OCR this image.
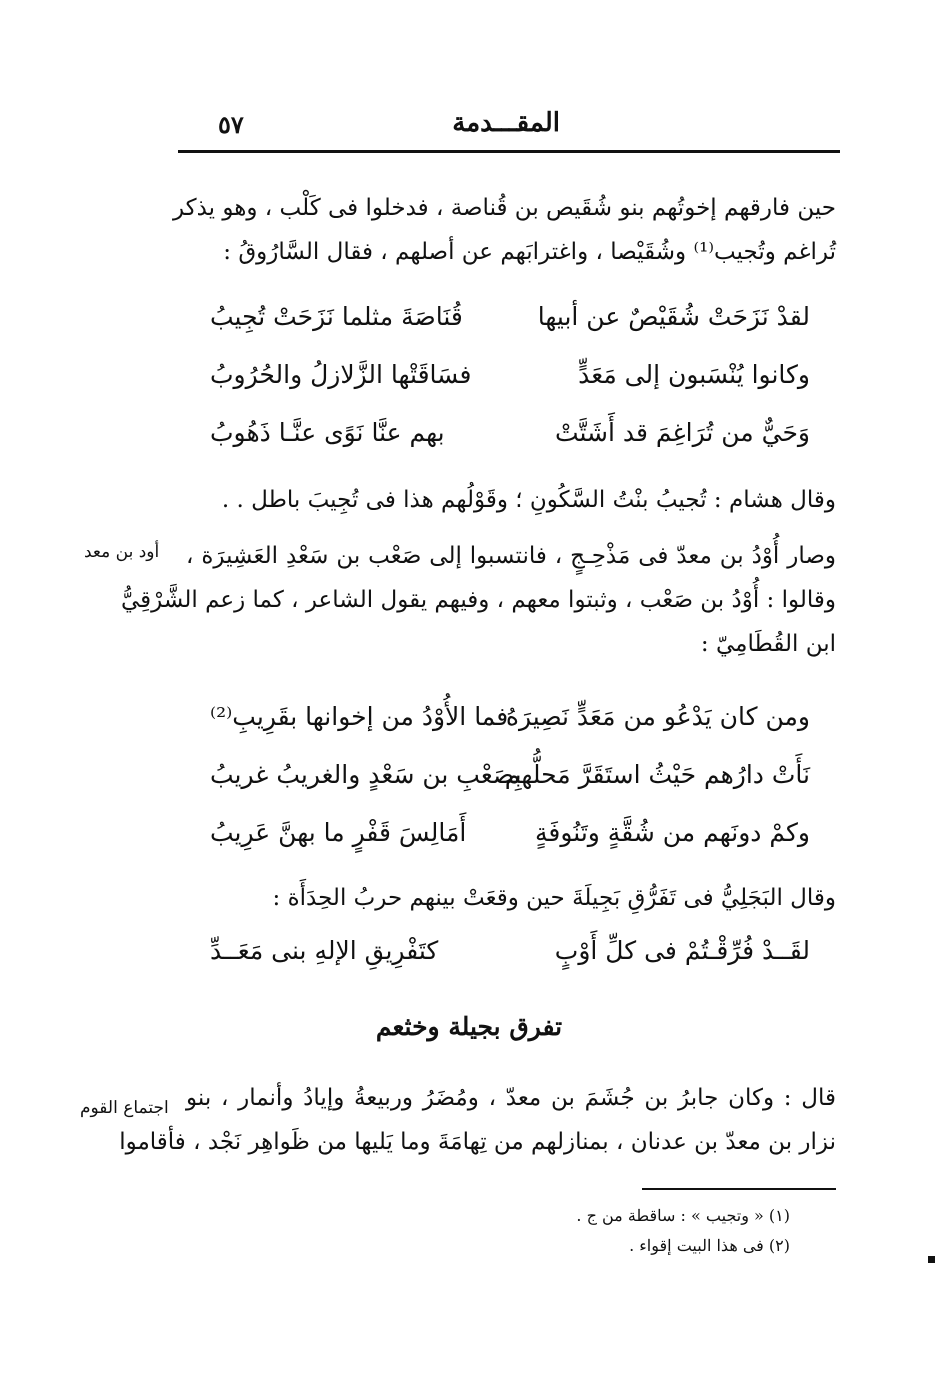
المقـــدمة
٥٧
حين فارقهم إخوتُهم بنو شُقَيص بن قُناصة ، فدخلوا فى كَلْب ، وهو يذكر
تُراغم وتُجيب⁽¹⁾ وشُقَيْصا ، واغترابَهم عن أصلهم ، فقال السَّارُوقُ :
لقدْ نَزَحَتْ شُقَيْصٌ عن أبيها
قُنَاصَةَ مثلما نَزَحَتْ تُجِيبُ
وكانوا يُنْسَبون إلى مَعَدٍّ
فسَاقَتْها الزَّلازلُ والحُرُوبُ
وَحَيٌّ من تُرَاغِمَ قد أَشَتَّتْ
بهم عنَّا نَوًى عنَّـا ذَهُوبُ
وقال هشام : تُجيبُ بنْتُ السَّكُونِ ؛ وقَوْلُهم هذا فى تُجِيبَ باطل . .
أود بن معد وصار أُوْدُ بن معدّ فى مَذْحِـجٍ ، فانتسبوا إلى صَعْب بن سَعْدِ العَشِيرَة ،
وقالوا : أُوْدُ بن صَعْب ، وثبتوا معهم ، وفيهم يقول الشاعر ، كما زعم الشَّرْقِيُّ
ابن القُطَامِيّ :
ومن كان يَدْعُو من مَعَدٍّ نَصِيرَهُ
فما الأُوْدُ من إخوانها بقَرِيبِ⁽²⁾
نَأَتْ دارُهم حَيْثُ استَقَرَّ مَحلُّهم
بِصَعْبِ بن سَعْدٍ والغريبُ غريبُ
وكمْ دونَهم من شُقَّةٍ وتَنُوفَةٍ
أَمَالِسَ قَفْرٍ ما بهنَّ عَرِيبُ
وقال البَجَلِيُّ فى تَفَرُّقِ بَجِيلَةَ حين وقعَتْ بينهم حربُ الحِدَأَة :
لقَــدْ فُرِّقْـتُمْ فى كلِّ أَوْبٍ
كتَفْرِيقِ الإلهِ بنى مَعَــدِّ
تفرق بجيلة وخثعم
اجتماع القوم قال : وكان جابرُ بن جُشَمَ بن معدّ ، ومُضَرُ وربيعةُ وإيادُ وأنمار ، بنو
نزار بن معدّ بن عدنان ، بمنازلهم من تِهامَةَ وما يَليها من ظَواهِر نَجْد ، فأقاموا
(١) « وتجيب » : ساقطة من ج .
(٢) فى هذا البيت إقواء .
